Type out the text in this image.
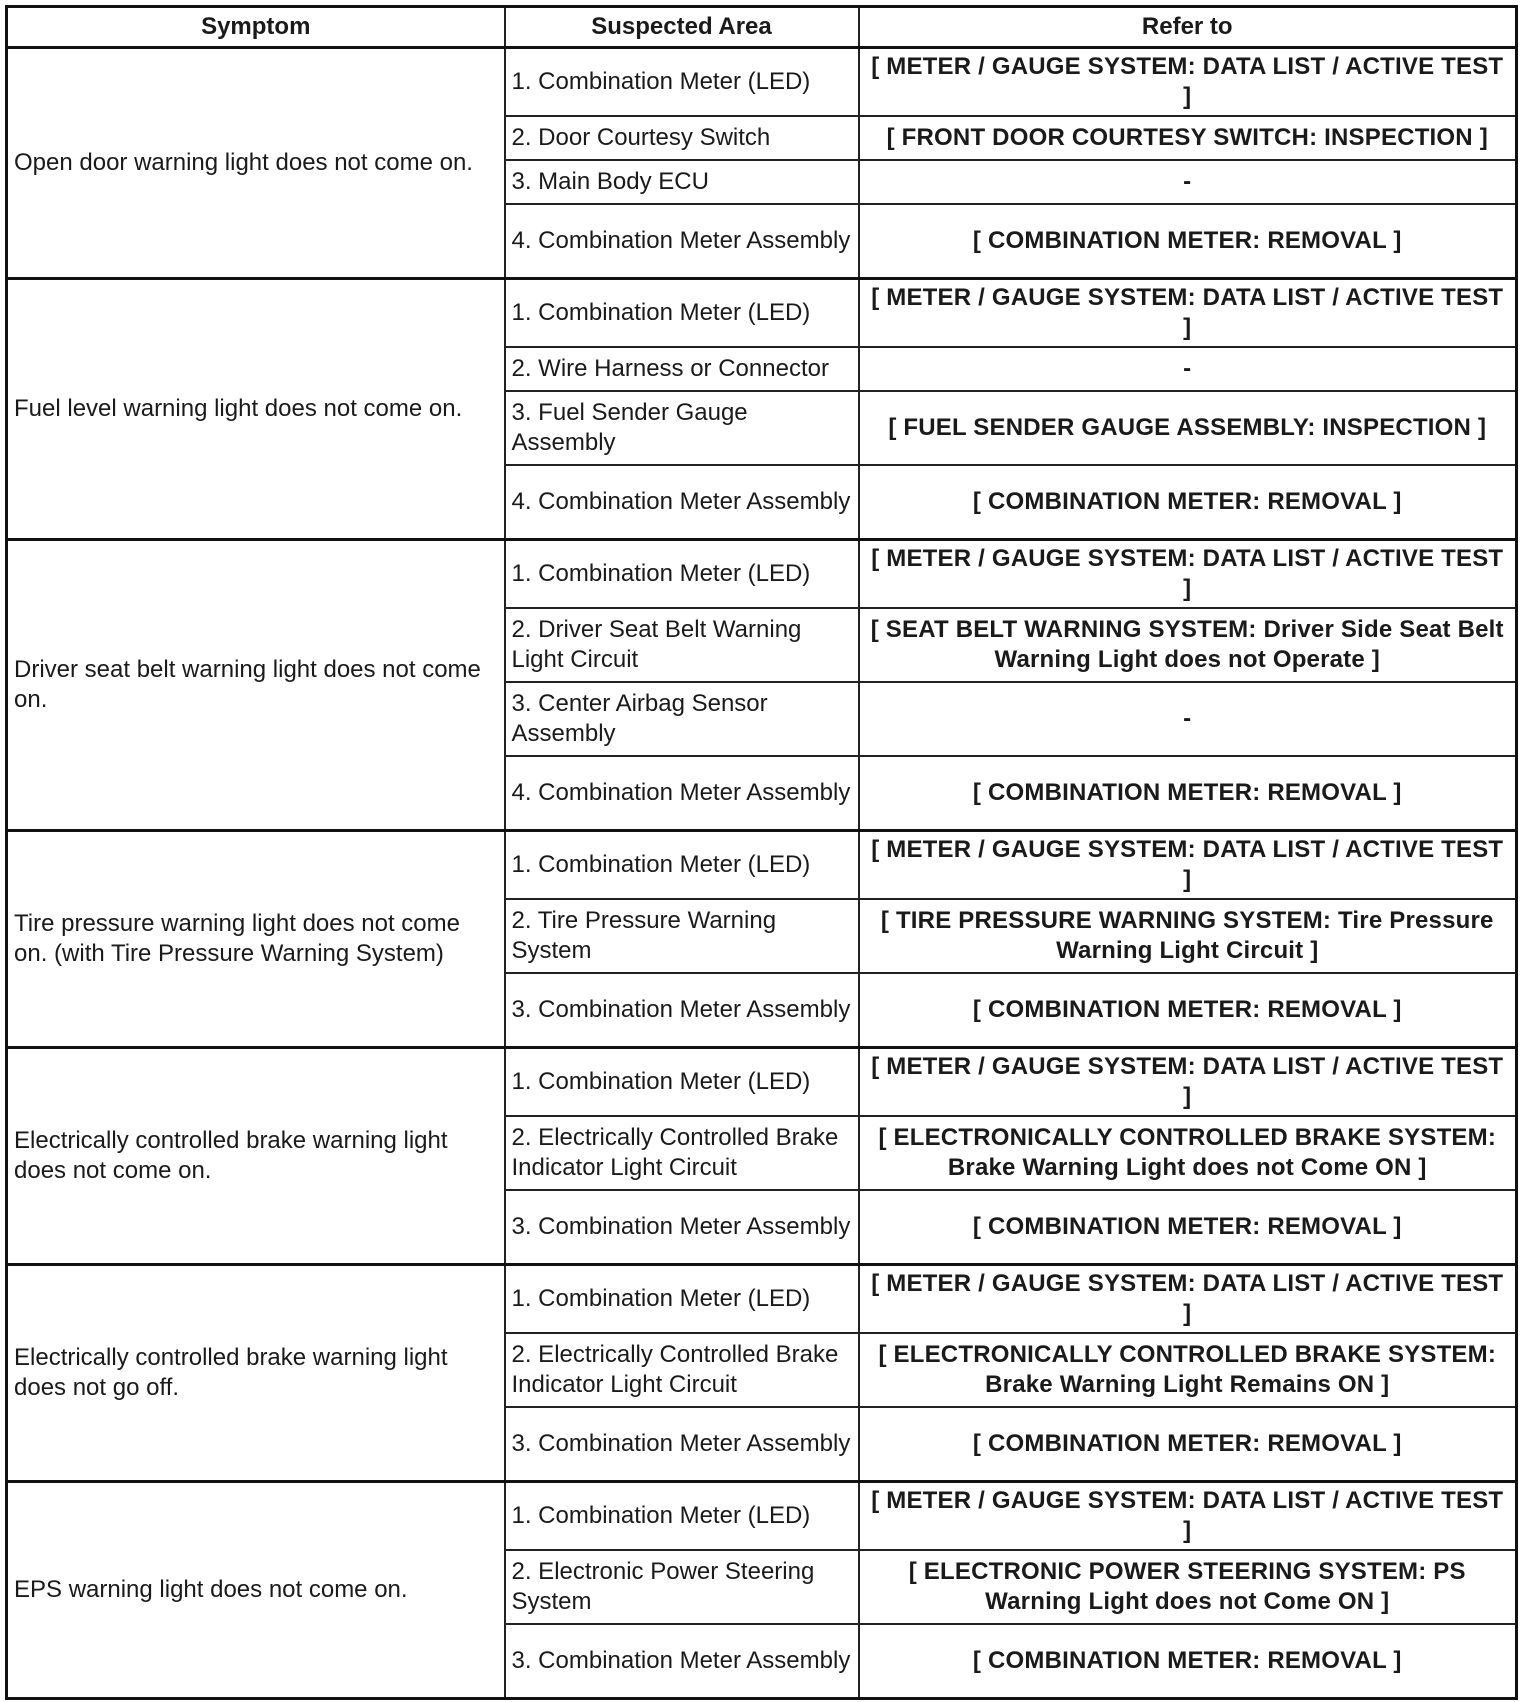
Symptom	Suspected Area	Refer to
Open door warning light does not come on.	1. Combination Meter (LED)	[ METER / GAUGE SYSTEM: DATA LIST / ACTIVE TEST ]
	2. Door Courtesy Switch	[ FRONT DOOR COURTESY SWITCH: INSPECTION ]
	3. Main Body ECU	-
	4. Combination Meter Assembly	[ COMBINATION METER: REMOVAL ]
Fuel level warning light does not come on.	1. Combination Meter (LED)	[ METER / GAUGE SYSTEM: DATA LIST / ACTIVE TEST ]
	2. Wire Harness or Connector	-
	3. Fuel Sender Gauge Assembly	[ FUEL SENDER GAUGE ASSEMBLY: INSPECTION ]
	4. Combination Meter Assembly	[ COMBINATION METER: REMOVAL ]
Driver seat belt warning light does not come on.	1. Combination Meter (LED)	[ METER / GAUGE SYSTEM: DATA LIST / ACTIVE TEST ]
	2. Driver Seat Belt Warning Light Circuit	[ SEAT BELT WARNING SYSTEM: Driver Side Seat Belt Warning Light does not Operate ]
	3. Center Airbag Sensor Assembly	-
	4. Combination Meter Assembly	[ COMBINATION METER: REMOVAL ]
Tire pressure warning light does not come on. (with Tire Pressure Warning System)	1. Combination Meter (LED)	[ METER / GAUGE SYSTEM: DATA LIST / ACTIVE TEST ]
	2. Tire Pressure Warning System	[ TIRE PRESSURE WARNING SYSTEM: Tire Pressure Warning Light Circuit ]
	3. Combination Meter Assembly	[ COMBINATION METER: REMOVAL ]
Electrically controlled brake warning light does not come on.	1. Combination Meter (LED)	[ METER / GAUGE SYSTEM: DATA LIST / ACTIVE TEST ]
	2. Electrically Controlled Brake Indicator Light Circuit	[ ELECTRONICALLY CONTROLLED BRAKE SYSTEM: Brake Warning Light does not Come ON ]
	3. Combination Meter Assembly	[ COMBINATION METER: REMOVAL ]
Electrically controlled brake warning light does not go off.	1. Combination Meter (LED)	[ METER / GAUGE SYSTEM: DATA LIST / ACTIVE TEST ]
	2. Electrically Controlled Brake Indicator Light Circuit	[ ELECTRONICALLY CONTROLLED BRAKE SYSTEM: Brake Warning Light Remains ON ]
	3. Combination Meter Assembly	[ COMBINATION METER: REMOVAL ]
EPS warning light does not come on.	1. Combination Meter (LED)	[ METER / GAUGE SYSTEM: DATA LIST / ACTIVE TEST ]
	2. Electronic Power Steering System	[ ELECTRONIC POWER STEERING SYSTEM: PS Warning Light does not Come ON ]
	3. Combination Meter Assembly	[ COMBINATION METER: REMOVAL ]
